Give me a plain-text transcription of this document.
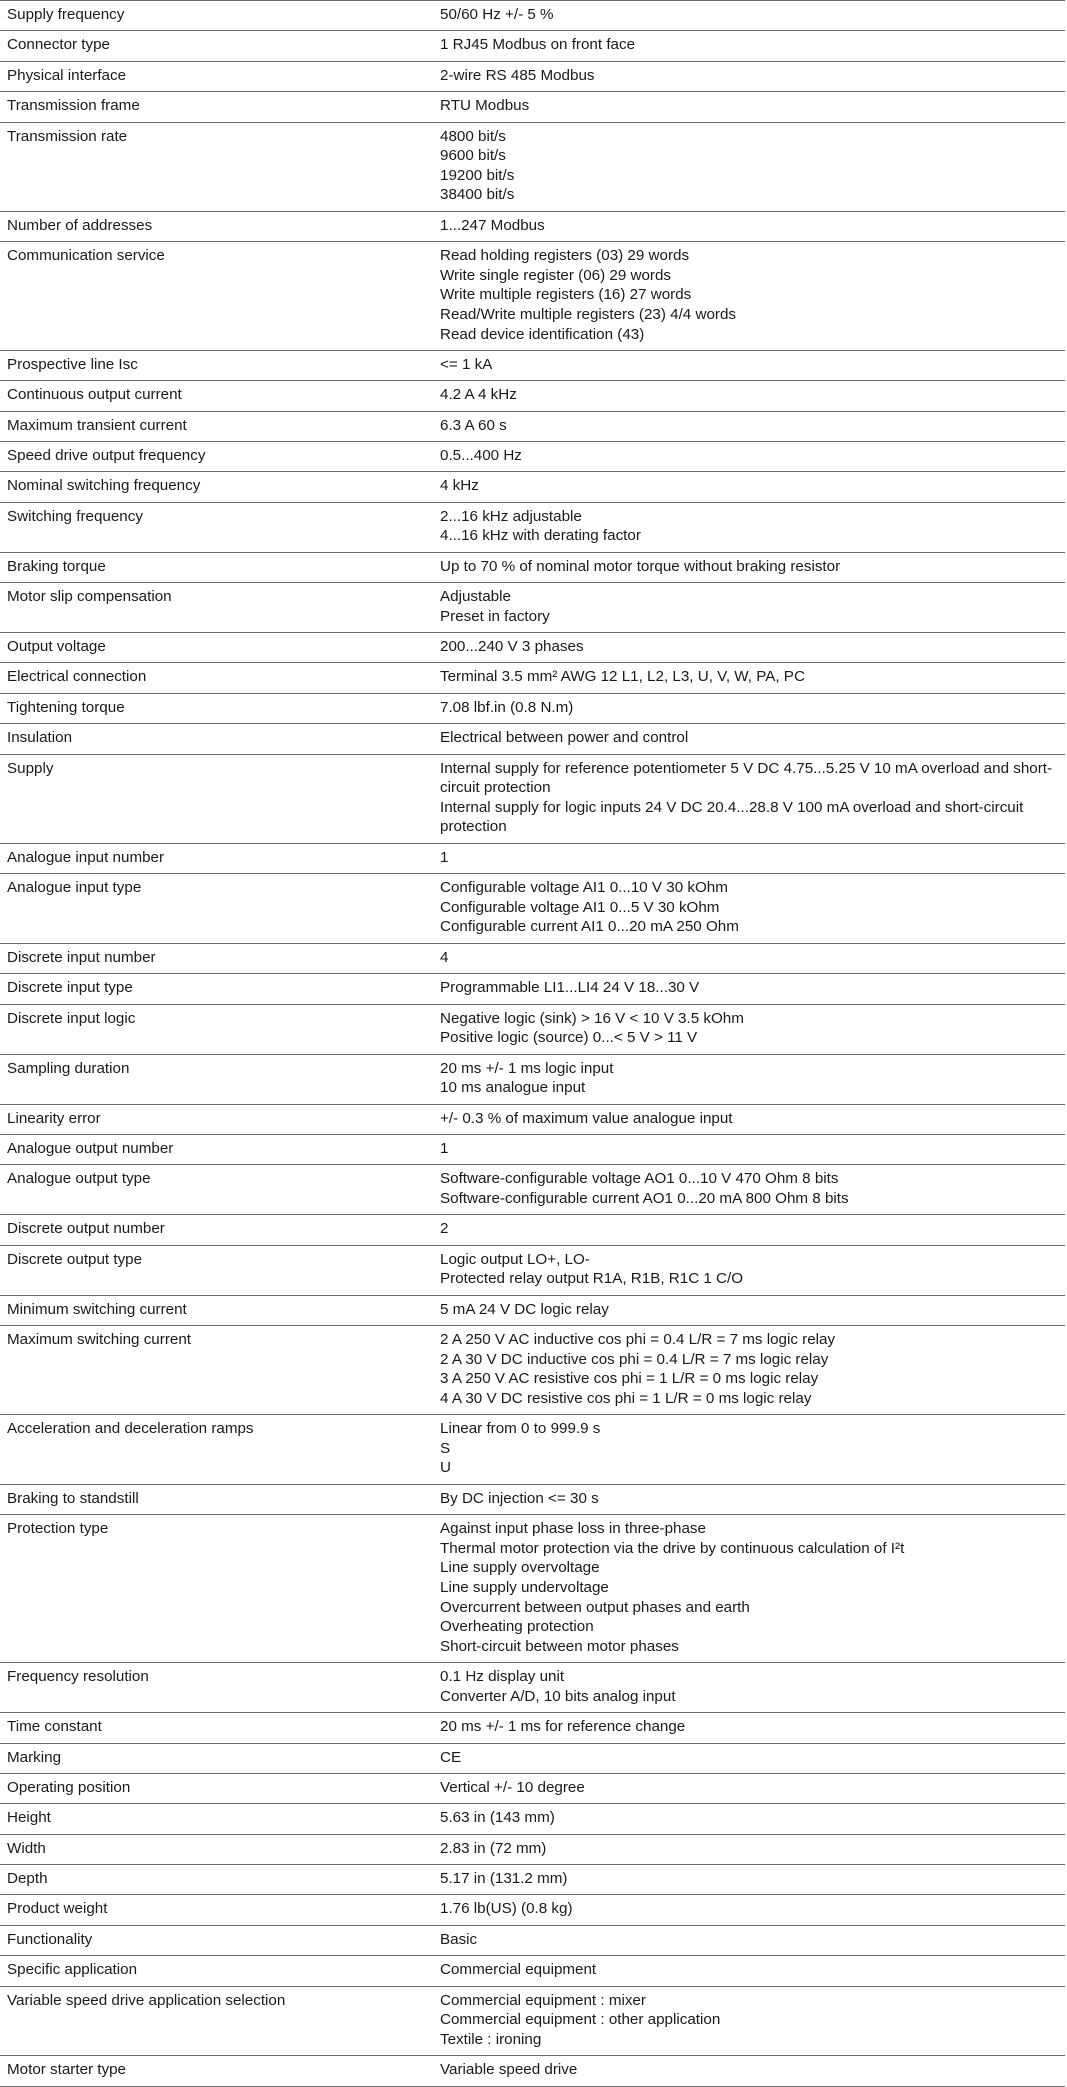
Supply frequency	50/60 Hz +/- 5 %
Connector type	1 RJ45 Modbus on front face
Physical interface	2-wire RS 485 Modbus
Transmission frame	RTU Modbus
Transmission rate	4800 bit/s
9600 bit/s
19200 bit/s
38400 bit/s
Number of addresses	1...247 Modbus
Communication service	Read holding registers (03) 29 words
Write single register (06) 29 words
Write multiple registers (16) 27 words
Read/Write multiple registers (23) 4/4 words
Read device identification (43)
Prospective line Isc	<= 1 kA
Continuous output current	4.2 A 4 kHz
Maximum transient current	6.3 A 60 s
Speed drive output frequency	0.5...400 Hz
Nominal switching frequency	4 kHz
Switching frequency	2...16 kHz adjustable
4...16 kHz with derating factor
Braking torque	Up to 70 % of nominal motor torque without braking resistor
Motor slip compensation	Adjustable
Preset in factory
Output voltage	200...240 V 3 phases
Electrical connection	Terminal 3.5 mm² AWG 12 L1, L2, L3, U, V, W, PA, PC
Tightening torque	7.08 lbf.in (0.8 N.m)
Insulation	Electrical between power and control
Supply	Internal supply for reference potentiometer 5 V DC 4.75...5.25 V 10 mA overload and short-circuit protection
Internal supply for logic inputs 24 V DC 20.4...28.8 V 100 mA overload and short-circuit protection
Analogue input number	1
Analogue input type	Configurable voltage AI1 0...10 V 30 kOhm
Configurable voltage AI1 0...5 V 30 kOhm
Configurable current AI1 0...20 mA 250 Ohm
Discrete input number	4
Discrete input type	Programmable LI1...LI4 24 V 18...30 V
Discrete input logic	Negative logic (sink) > 16 V < 10 V 3.5 kOhm
Positive logic (source) 0...< 5 V > 11 V
Sampling duration	20 ms +/- 1 ms logic input
10 ms analogue input
Linearity error	+/- 0.3 % of maximum value analogue input
Analogue output number	1
Analogue output type	Software-configurable voltage AO1 0...10 V 470 Ohm 8 bits
Software-configurable current AO1 0...20 mA 800 Ohm 8 bits
Discrete output number	2
Discrete output type	Logic output LO+, LO-
Protected relay output R1A, R1B, R1C 1 C/O
Minimum switching current	5 mA 24 V DC logic relay
Maximum switching current	2 A 250 V AC inductive cos phi = 0.4 L/R = 7 ms logic relay
2 A 30 V DC inductive cos phi = 0.4 L/R = 7 ms logic relay
3 A 250 V AC resistive cos phi = 1 L/R = 0 ms logic relay
4 A 30 V DC resistive cos phi = 1 L/R = 0 ms logic relay
Acceleration and deceleration ramps	Linear from 0 to 999.9 s
S
U
Braking to standstill	By DC injection <= 30 s
Protection type	Against input phase loss in three-phase
Thermal motor protection via the drive by continuous calculation of I²t
Line supply overvoltage
Line supply undervoltage
Overcurrent between output phases and earth
Overheating protection
Short-circuit between motor phases
Frequency resolution	0.1 Hz display unit
Converter A/D, 10 bits analog input
Time constant	20 ms +/- 1 ms for reference change
Marking	CE
Operating position	Vertical +/- 10 degree
Height	5.63 in (143 mm)
Width	2.83 in (72 mm)
Depth	5.17 in (131.2 mm)
Product weight	1.76 lb(US) (0.8 kg)
Functionality	Basic
Specific application	Commercial equipment
Variable speed drive application selection	Commercial equipment : mixer
Commercial equipment : other application
Textile : ironing
Motor starter type	Variable speed drive
